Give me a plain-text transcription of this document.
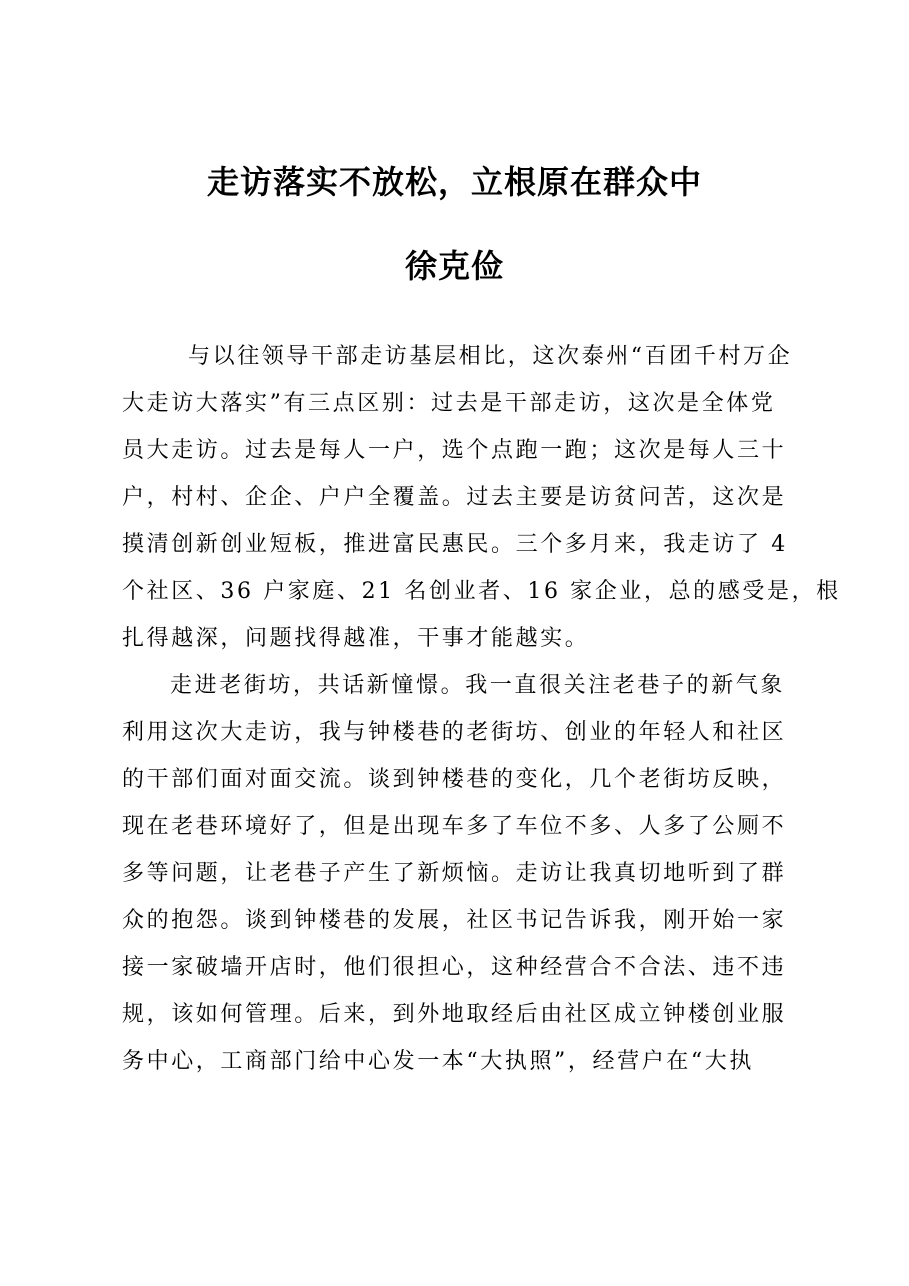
走访落实不放松，立根原在群众中
徐克俭
与以往领导干部走访基层相比，这次泰州“百团千村万企
大走访大落实”有三点区别：过去是干部走访，这次是全体党
员大走访。过去是每人一户，选个点跑一跑；这次是每人三十
户，村村、企企、户户全覆盖。过去主要是访贫问苦，这次是
摸清创新创业短板，推进富民惠民。三个多月来，我走访了 4
个社区、36 户家庭、21 名创业者、16 家企业，总的感受是，根
扎得越深，问题找得越准，干事才能越实。
走进老街坊，共话新憧憬。我一直很关注老巷子的新气象
利用这次大走访，我与钟楼巷的老街坊、创业的年轻人和社区
的干部们面对面交流。谈到钟楼巷的变化，几个老街坊反映，
现在老巷环境好了，但是出现车多了车位不多、人多了公厕不
多等问题，让老巷子产生了新烦恼。走访让我真切地听到了群
众的抱怨。谈到钟楼巷的发展，社区书记告诉我，刚开始一家
接一家破墙开店时，他们很担心，这种经营合不合法、违不违
规，该如何管理。后来，到外地取经后由社区成立钟楼创业服
务中心，工商部门给中心发一本“大执照”，经营户在“大执
